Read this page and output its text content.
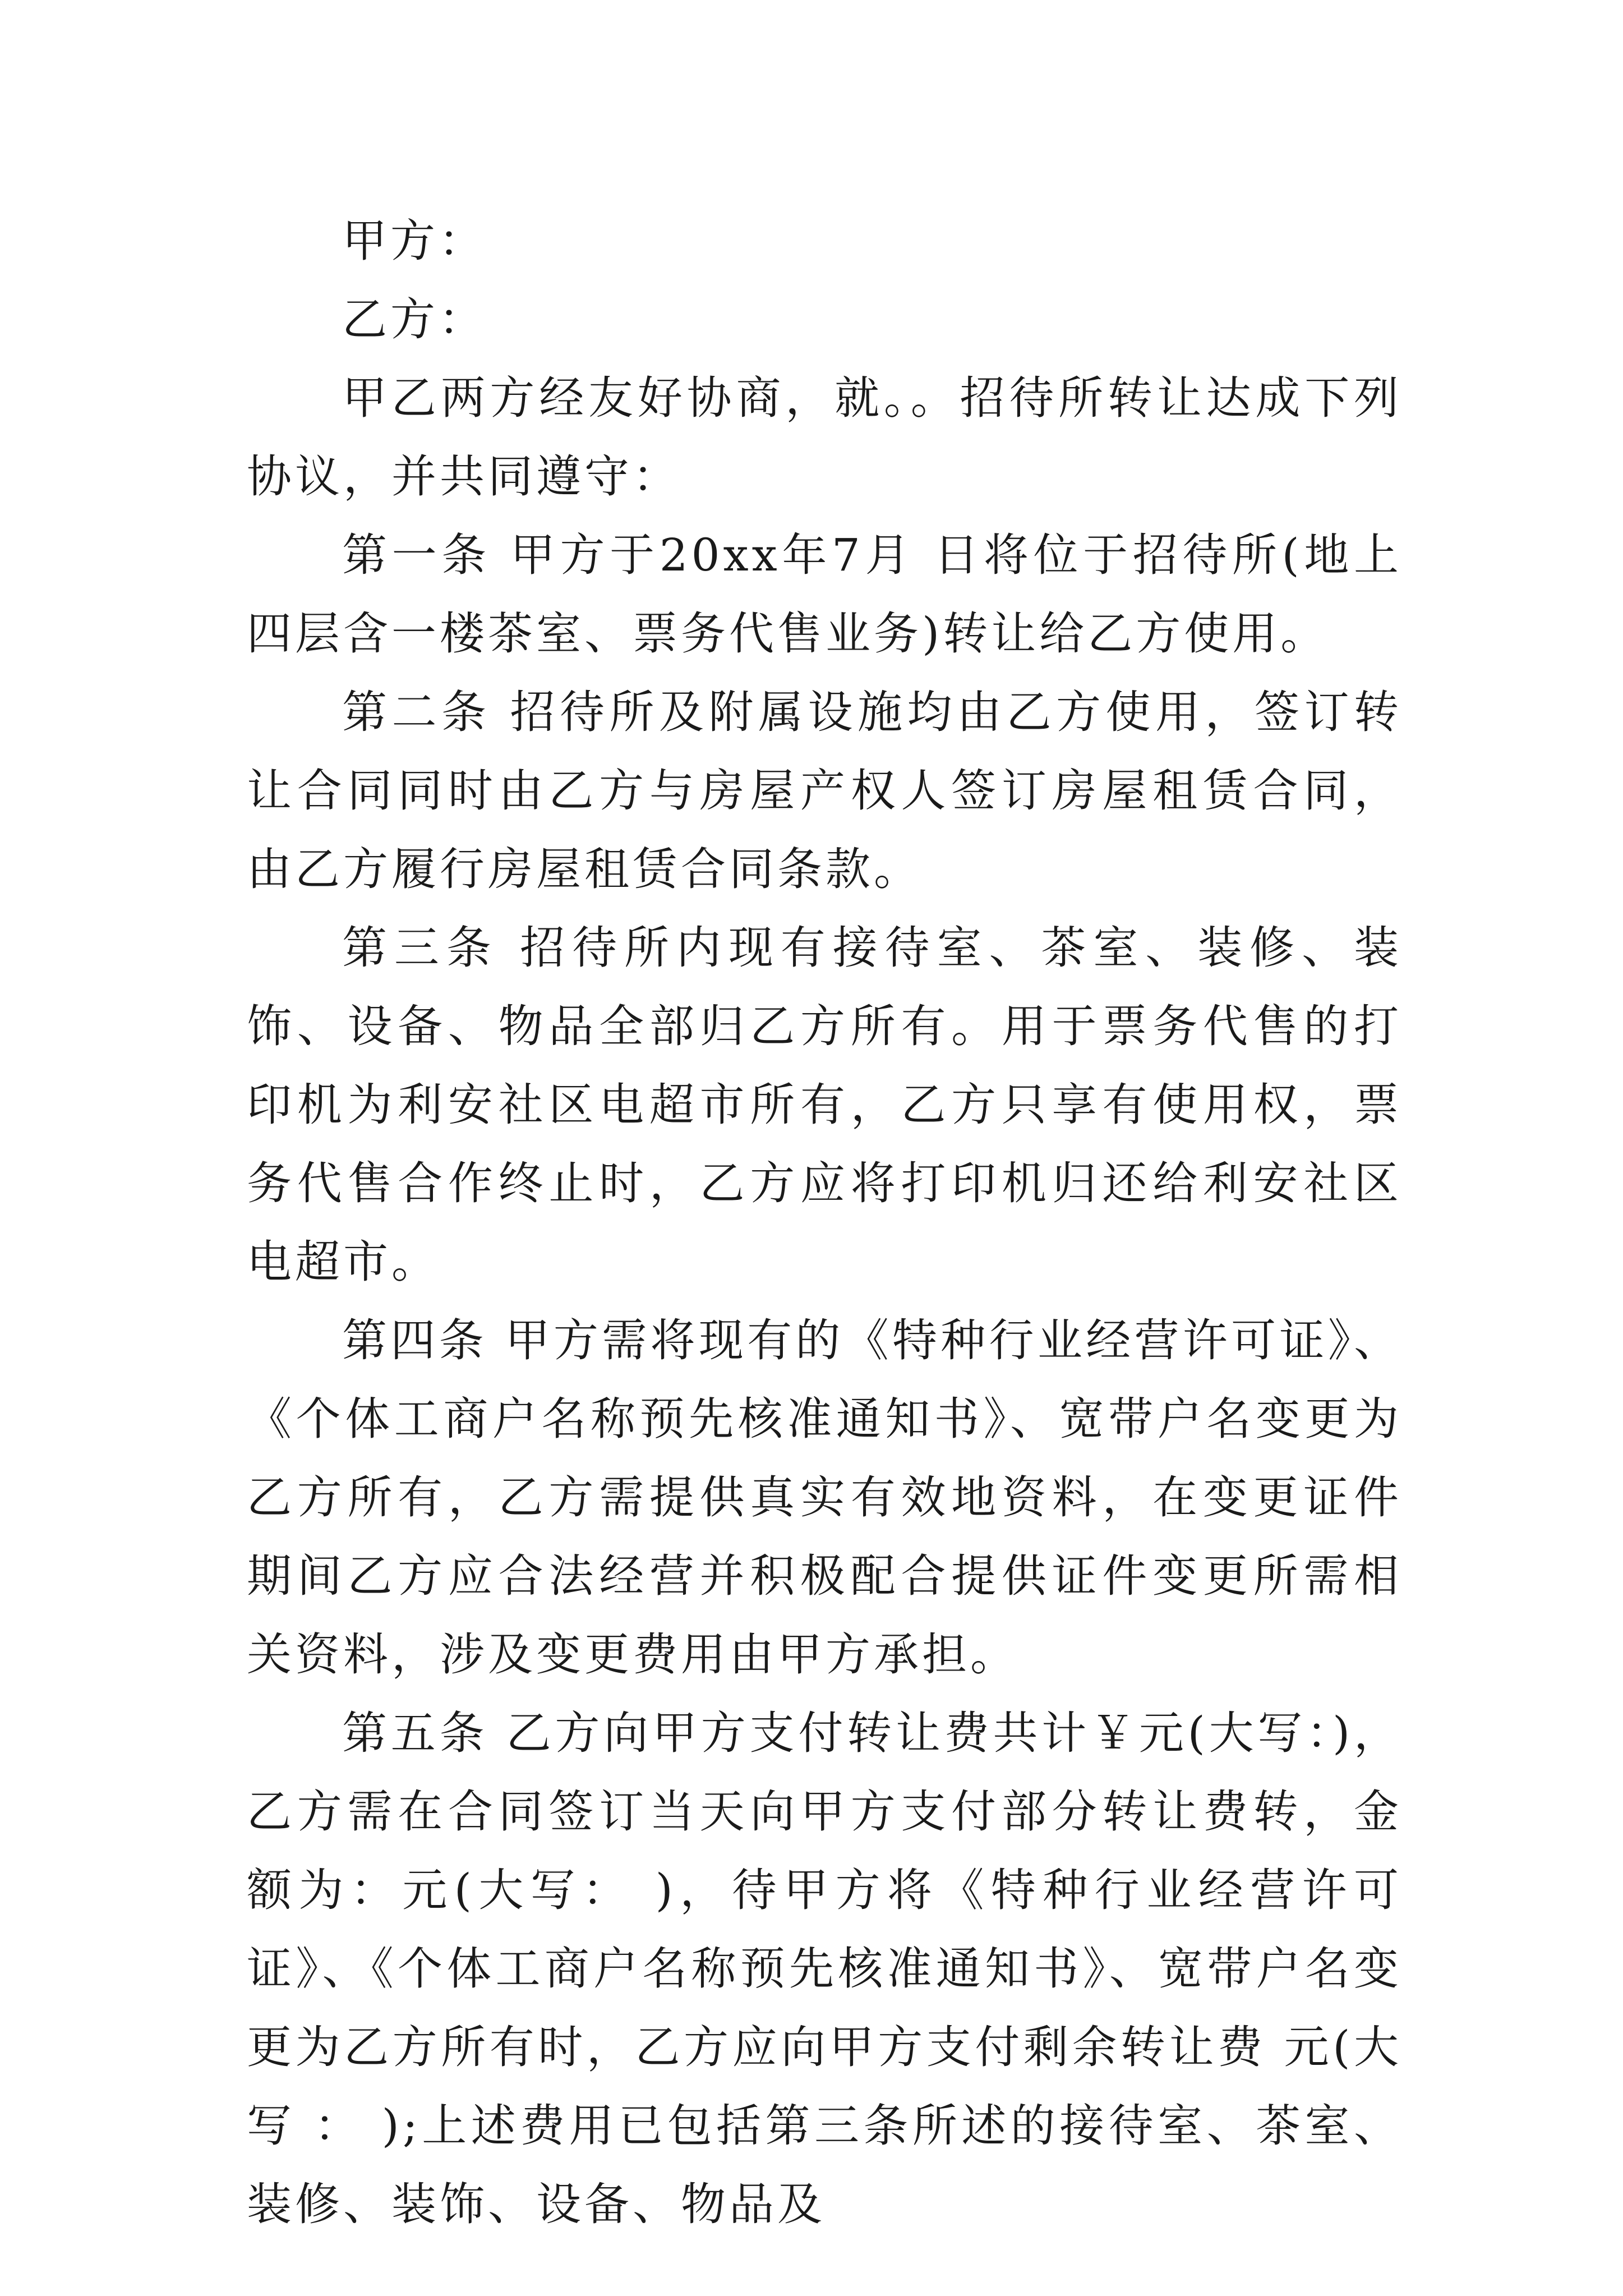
甲方：

乙方：

甲乙两方经友好协商，就。。招待所转让达成下列协议，并共同遵守：

第一条 甲方于20xx年7月 日将位于招待所(地上四层含一楼茶室、票务代售业务)转让给乙方使用。

第二条 招待所及附属设施均由乙方使用，签订转让合同同时由乙方与房屋产权人签订房屋租赁合同，由乙方履行房屋租赁合同条款。

第三条 招待所内现有接待室、茶室、装修、装饰、设备、物品全部归乙方所有。用于票务代售的打印机为利安社区电超市所有，乙方只享有使用权，票务代售合作终止时，乙方应将打印机归还给利安社区电超市。

第四条 甲方需将现有的《特种行业经营许可证》、《个体工商户名称预先核准通知书》、宽带户名变更为乙方所有，乙方需提供真实有效地资料，在变更证件期间乙方应合法经营并积极配合提供证件变更所需相关资料，涉及变更费用由甲方承担。

第五条 乙方向甲方支付转让费共计￥元(大写：)，乙方需在合同签订当天向甲方支付部分转让费转，金额为：元(大写： )，待甲方将《特种行业经营许可证》、《个体工商户名称预先核准通知书》、宽带户名变更为乙方所有时，乙方应向甲方支付剩余转让费 元(大写 ： );上述费用已包括第三条所述的接待室、茶室、装修、装饰、设备、物品及
